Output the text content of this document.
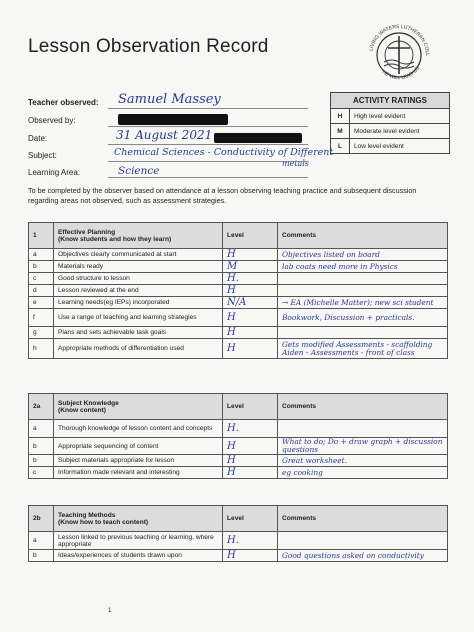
Lesson Observation Record	LIVING WATERS LUTHERAN COLL
HE WILL LEAD US
Teacher observed: Samuel Massey
Observed by:
Date:	31 August 2021
Subject:	Chemical Sciences - Conductivity of Different
metals
Learning Area:	Science
ACTIVITY RATINGS	
H	High level evident
M	Moderate level evident
L	Low level evident
To be completed by the observer based on attendance at a lesson observing teaching practice and subsequent discussion regarding areas not observed, such as assessment strategies.
1	Effective Planning
(Know students and how they learn)	Level	Comments
a	Objectives clearly communicated at start	H	Objectives listed on board
b	Materials ready	M	lab coats need more in Physics
c	Good structure to lesson	H.	
d	Lesson reviewed at the end	H	
e	Learning needs(eg IEPs) incorporated	N/A	→ EA (Michelle Matter); new sci student
f	Use a range of teaching and learning strategies	H	Bookwork, Discussion + practicals.
g	Plans and sets achievable task goals	H	
h	Appropriate methods of differentiation used	H	Gets modified Assessments - scaffolding Aiden - Assessments - front of class
2a	Subject Knowledge
(Know content)	Level	Comments
a	Thorough knowledge of lesson content and concepts	H.	
b	Appropriate sequencing of content	H	What to do; Do + draw graph + discussion questions
b	Subject materials appropriate for lesson	H	Great worksheet.
c	Information made relevant and interesting	H	eg cooking
2b	Teaching Methods
(Know how to teach content)	Level	Comments
a	Lesson linked to previous teaching or learning, where appropriate	H.	
b	Ideas/experiences of students drawn upon	H	Good questions asked on conductivity
1
